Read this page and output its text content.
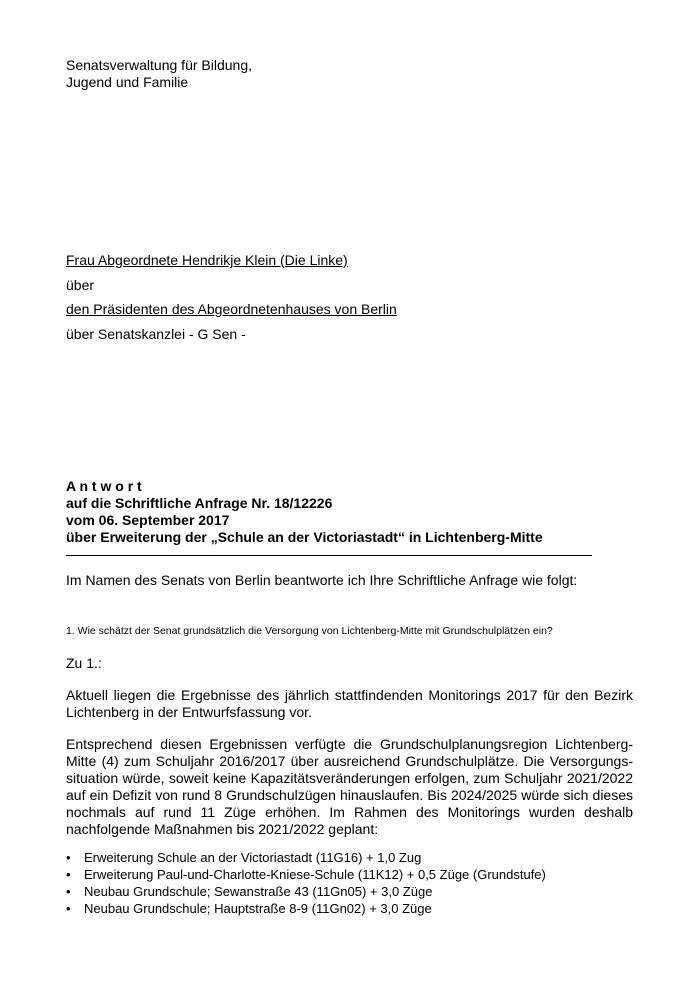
Senatsverwaltung für Bildung,
Jugend und Familie
Frau Abgeordnete Hendrikje Klein (Die Linke)
über
den Präsidenten des Abgeordnetenhauses von Berlin
über Senatskanzlei - G Sen -
A n t w o r t
auf die Schriftliche Anfrage Nr. 18/12226
vom 06. September 2017
über Erweiterung der „Schule an der Victoriastadt“ in Lichtenberg-Mitte
Im Namen des Senats von Berlin beantworte ich Ihre Schriftliche Anfrage wie folgt:
1. Wie schätzt der Senat grundsätzlich die Versorgung von Lichtenberg-Mitte mit Grundschulplätzen ein?
Zu 1.:
Aktuell liegen die Ergebnisse des jährlich stattfindenden Monitorings 2017 für den Bezirk Lichtenberg in der Entwurfsfassung vor.
Entsprechend diesen Ergebnissen verfügte die Grundschulplanungsregion Lichtenberg-Mitte (4) zum Schuljahr 2016/2017 über ausreichend Grundschulplätze. Die Versorgungs-situation würde, soweit keine Kapazitätsveränderungen erfolgen, zum Schuljahr 2021/2022 auf ein Defizit von rund 8 Grundschulzügen hinauslaufen. Bis 2024/2025 würde sich dieses nochmals auf rund 11 Züge erhöhen. Im Rahmen des Monitorings wurden deshalb nachfolgende Maßnahmen bis 2021/2022 geplant:
• Erweiterung Schule an der Victoriastadt (11G16) + 1,0 Zug
• Erweiterung Paul-und-Charlotte-Kniese-Schule (11K12) + 0,5 Züge (Grundstufe)
• Neubau Grundschule; Sewanstraße 43 (11Gn05) + 3,0 Züge
• Neubau Grundschule; Hauptstraße 8-9 (11Gn02) + 3,0 Züge
